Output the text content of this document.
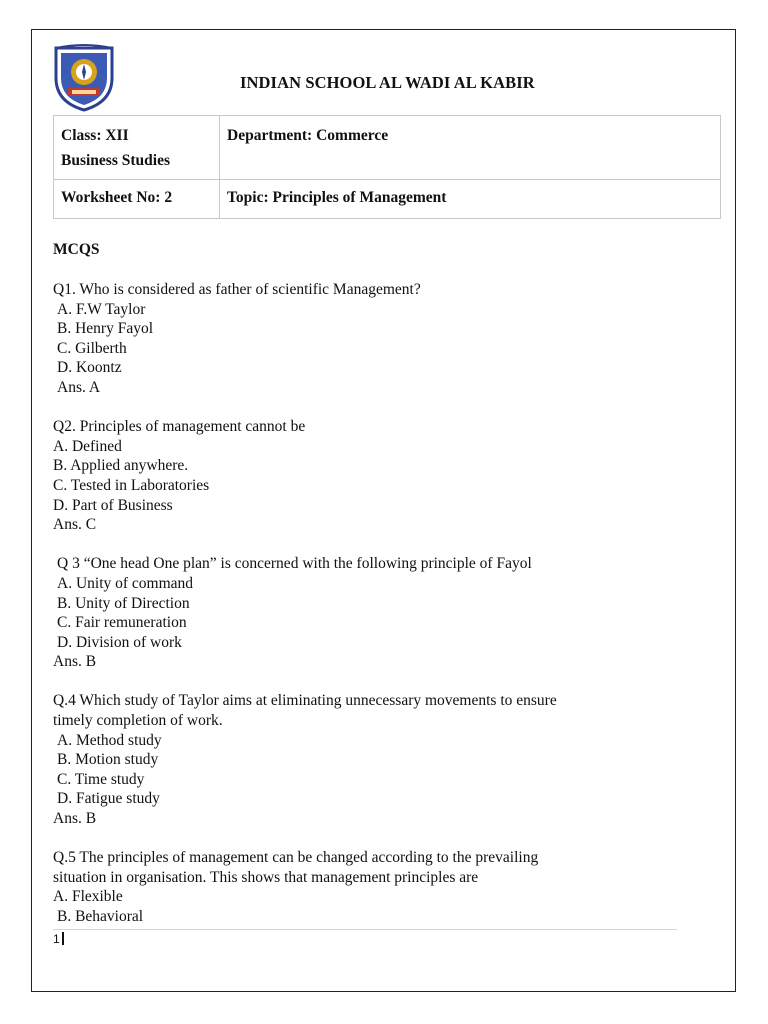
INDIAN SCHOOL AL WADI AL KABIR
Class: XII
Business Studies	Department: Commerce

Worksheet No: 2	Topic: Principles of Management
MCQS

Q1. Who is considered as father of scientific Management?

A. F.W Taylor

B. Henry Fayol

C. Gilberth

D. Koontz

Ans. A

Q2. Principles of management cannot be

A. Defined

B. Applied anywhere.

C. Tested in Laboratories

D. Part of Business

Ans. C

Q 3 “One head One plan” is concerned with the following principle of Fayol

A. Unity of command

B. Unity of Direction

C. Fair remuneration

D. Division of work

Ans. B

Q.4 Which study of Taylor aims at eliminating unnecessary movements to ensure

timely completion of work.

A. Method study

B. Motion study

C. Time study

D. Fatigue study

Ans. B

Q.5 The principles of management can be changed according to the prevailing

situation in organisation. This shows that management principles are

A. Flexible

B. Behavioral

1
